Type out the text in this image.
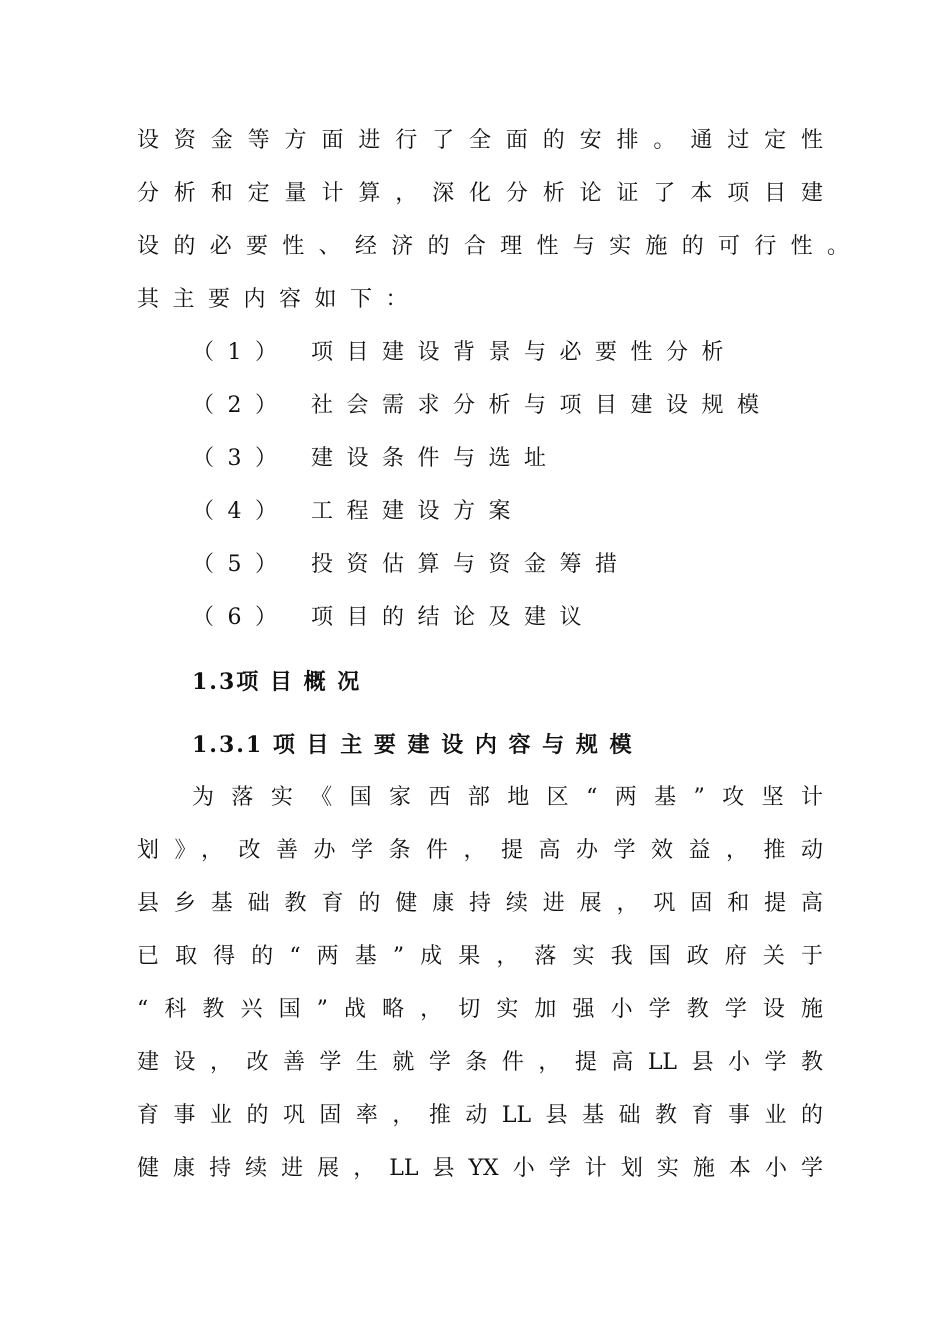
设资金等方面进行了全面的安排。通过定性
分析和定量计算，深化分析论证了本项目建
设的必要性、经济的合理性与实施的可行性。
其主要内容如下：
（1） 项目建设背景与必要性分析
（2） 社会需求分析与项目建设规模
（3） 建设条件与选址
（4） 工程建设方案
（5） 投资估算与资金筹措
（6） 项目的结论及建议
1.3项 目 概 况
1.3.1 项 目 主 要 建 设 内 容 与 规 模
为落实《国家西部地区“两基”攻坚计
划》，改善办学条件，提高办学效益，推动
县乡基础教育的健康持续进展，巩固和提高
已取得的“两基”成果，落实我国政府关于
“科教兴国”战略，切实加强小学教学设施
建设，改善学生就学条件，提高LL县小学教
育事业的巩固率，推动LL县基础教育事业的
健康持续进展，LL县YX小学计划实施本小学
